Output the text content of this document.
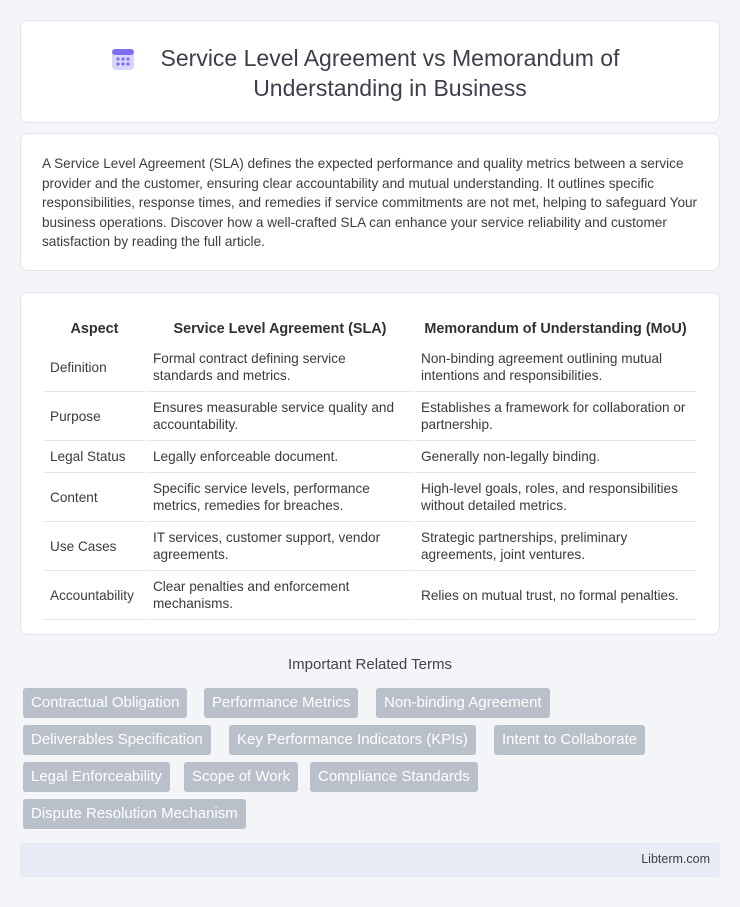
Service Level Agreement vs Memorandum of Understanding in Business

A Service Level Agreement (SLA) defines the expected performance and quality metrics between a service provider and the customer, ensuring clear accountability and mutual understanding. It outlines specific responsibilities, response times, and remedies if service commitments are not met, helping to safeguard Your business operations. Discover how a well-crafted SLA can enhance your service reliability and customer satisfaction by reading the full article.

Aspect	Service Level Agreement (SLA)	Memorandum of Understanding (MoU)
Definition	Formal contract defining service standards and metrics.	Non-binding agreement outlining mutual intentions and responsibilities.
Purpose	Ensures measurable service quality and accountability.	Establishes a framework for collaboration or partnership.
Legal Status	Legally enforceable document.	Generally non-legally binding.
Content	Specific service levels, performance metrics, remedies for breaches.	High-level goals, roles, and responsibilities without detailed metrics.
Use Cases	IT services, customer support, vendor agreements.	Strategic partnerships, preliminary agreements, joint ventures.
Accountability	Clear penalties and enforcement mechanisms.	Relies on mutual trust, no formal penalties.
Important Related Terms
Contractual Obligation	Performance Metrics	Non-binding Agreement
Deliverables Specification	Key Performance Indicators (KPIs)	Intent to Collaborate
Legal Enforceability	Scope of Work	Compliance Standards
Dispute Resolution Mechanism
Libterm.com
